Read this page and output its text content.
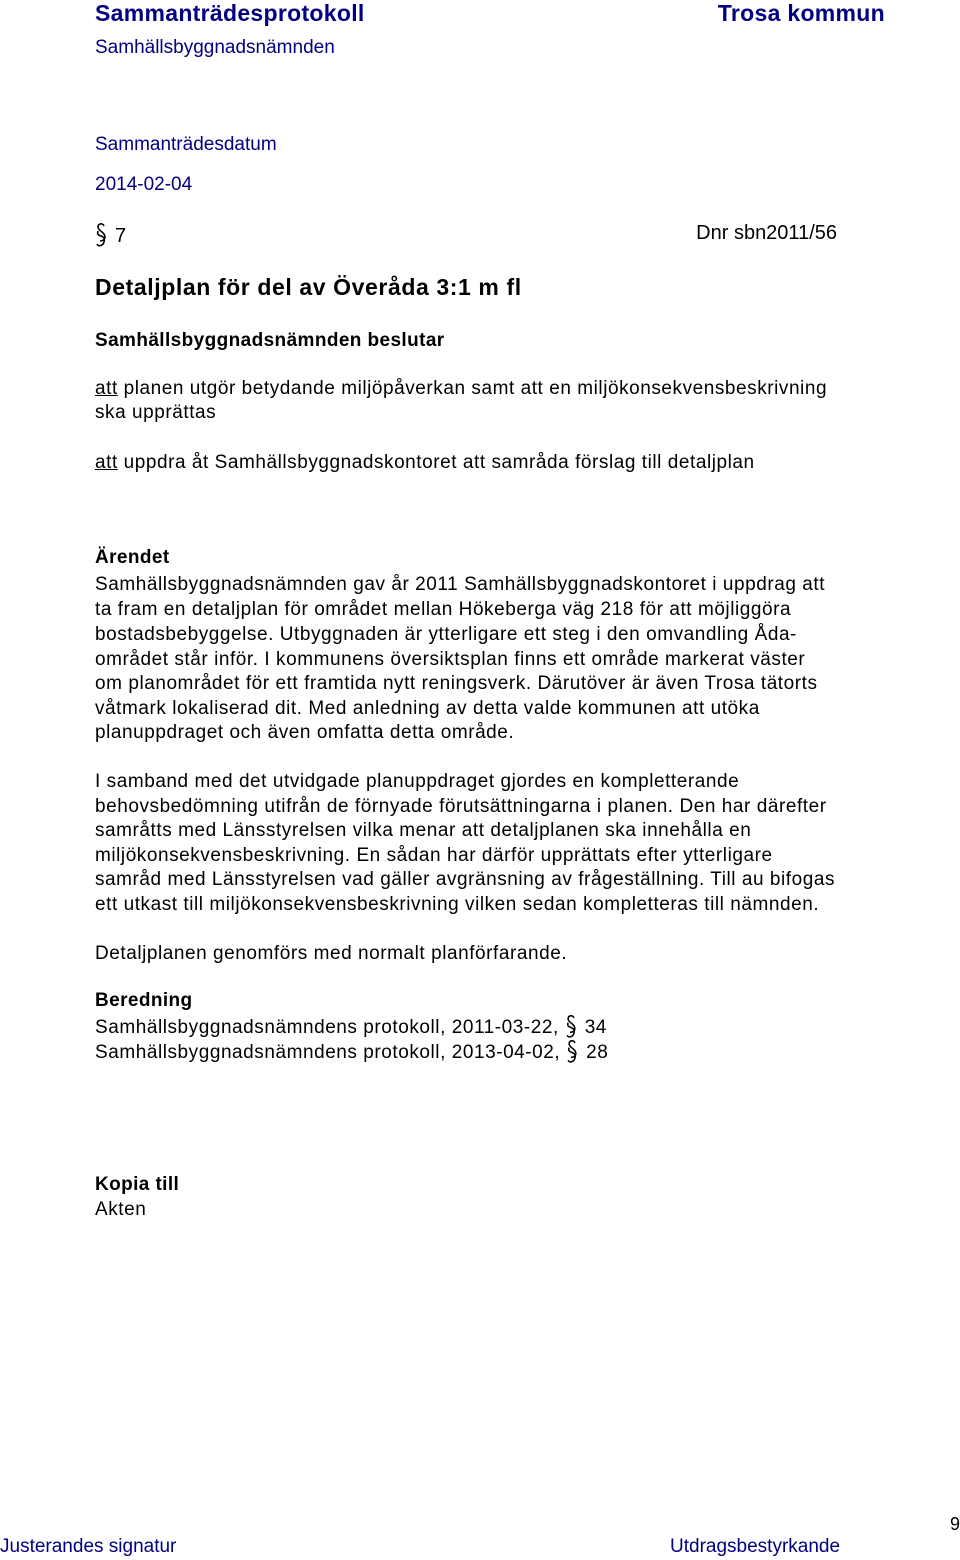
Sammanträdesprotokoll	Trosa kommun
Samhällsbyggnadsnämnden
Sammanträdesdatum
2014-02-04
7	Dnr sbn2011/56
Detaljplan för del av Överåda 3:1 m fl
Samhällsbyggnadsnämnden beslutar
att planen utgör betydande miljöpåverkan samt att en miljökonsekvensbeskrivning
ska upprättas
att uppdra åt Samhällsbyggnadskontoret att samråda förslag till detaljplan
Ärendet
Samhällsbyggnadsnämnden gav år 2011 Samhällsbyggnadskontoret i uppdrag att
ta fram en detaljplan för området mellan Hökeberga väg 218 för att möjliggöra
bostadsbebyggelse. Utbyggnaden är ytterligare ett steg i den omvandling Åda-
området står inför. I kommunens översiktsplan finns ett område markerat väster
om planområdet för ett framtida nytt reningsverk. Därutöver är även Trosa tätorts
våtmark lokaliserad dit. Med anledning av detta valde kommunen att utöka
planuppdraget och även omfatta detta område.
I samband med det utvidgade planuppdraget gjordes en kompletterande
behovsbedömning utifrån de förnyade förutsättningarna i planen. Den har därefter
samråtts med Länsstyrelsen vilka menar att detaljplanen ska innehålla en
miljökonsekvensbeskrivning. En sådan har därför upprättats efter ytterligare
samråd med Länsstyrelsen vad gäller avgränsning av frågeställning. Till au bifogas
ett utkast till miljökonsekvensbeskrivning vilken sedan kompletteras till nämnden.
Detaljplanen genomförs med normalt planförfarande.
Beredning
Samhällsbyggnadsnämndens protokoll, 2011-03-22, 34
Samhällsbyggnadsnämndens protokoll, 2013-04-02, 28
Kopia till
Akten
Justerandes signatur	Utdragsbestyrkande
9
